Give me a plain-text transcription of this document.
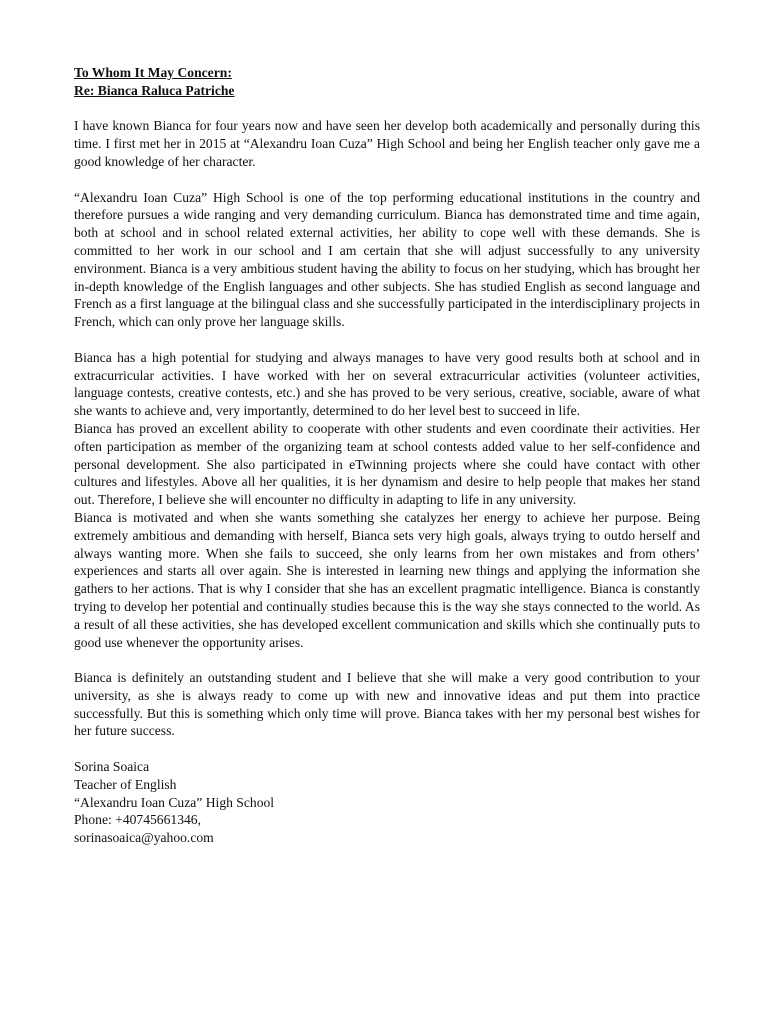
To Whom It May Concern:

Re: Bianca Raluca Patriche

I have known Bianca for four years now and have seen her develop both academically and personally during this time. I first met her in 2015 at “Alexandru Ioan Cuza” High School and being her English teacher only gave me a good knowledge of her character.

“Alexandru Ioan Cuza” High School is one of the top performing educational institutions in the country and therefore pursues a wide ranging and very demanding curriculum. Bianca has demonstrated time and time again, both at school and in school related external activities, her ability to cope well with these demands. She is committed to her work in our school and I am certain that she will adjust successfully to any university environment. Bianca is a very ambitious student having the ability to focus on her studying, which has brought her in-depth knowledge of the English languages and other subjects. She has studied English as second language and French as a first language at the bilingual class and she successfully participated in the interdisciplinary projects in French, which can only prove her language skills.

Bianca has a high potential for studying and always manages to have very good results both at school and in extracurricular activities. I have worked with her on several extracurricular activities (volunteer activities, language contests, creative contests, etc.) and she has proved to be very serious, creative, sociable, aware of what she wants to achieve and, very importantly, determined to do her level best to succeed in life.

Bianca has proved an excellent ability to cooperate with other students and even coordinate their activities. Her often participation as member of the organizing team at school contests added value to her self-confidence and personal development. She also participated in eTwinning projects where she could have contact with other cultures and lifestyles. Above all her qualities, it is her dynamism and desire to help people that makes her stand out. Therefore, I believe she will encounter no difficulty in adapting to life in any university.

Bianca is motivated and when she wants something she catalyzes her energy to achieve her purpose. Being extremely ambitious and demanding with herself, Bianca sets very high goals, always trying to outdo herself and always wanting more. When she fails to succeed, she only learns from her own mistakes and from others’ experiences and starts all over again. She is interested in learning new things and applying the information she gathers to her actions. That is why I consider that she has an excellent pragmatic intelligence. Bianca is constantly trying to develop her potential and continually studies because this is the way she stays connected to the world. As a result of all these activities, she has developed excellent communication and skills which she continually puts to good use whenever the opportunity arises.

Bianca is definitely an outstanding student and I believe that she will make a very good contribution to your university, as she is always ready to come up with new and innovative ideas and put them into practice successfully. But this is something which only time will prove. Bianca takes with her my personal best wishes for her future success.

Sorina Soaica

Teacher of English

“Alexandru Ioan Cuza” High School

Phone: +40745661346,

sorinasoaica@yahoo.com
